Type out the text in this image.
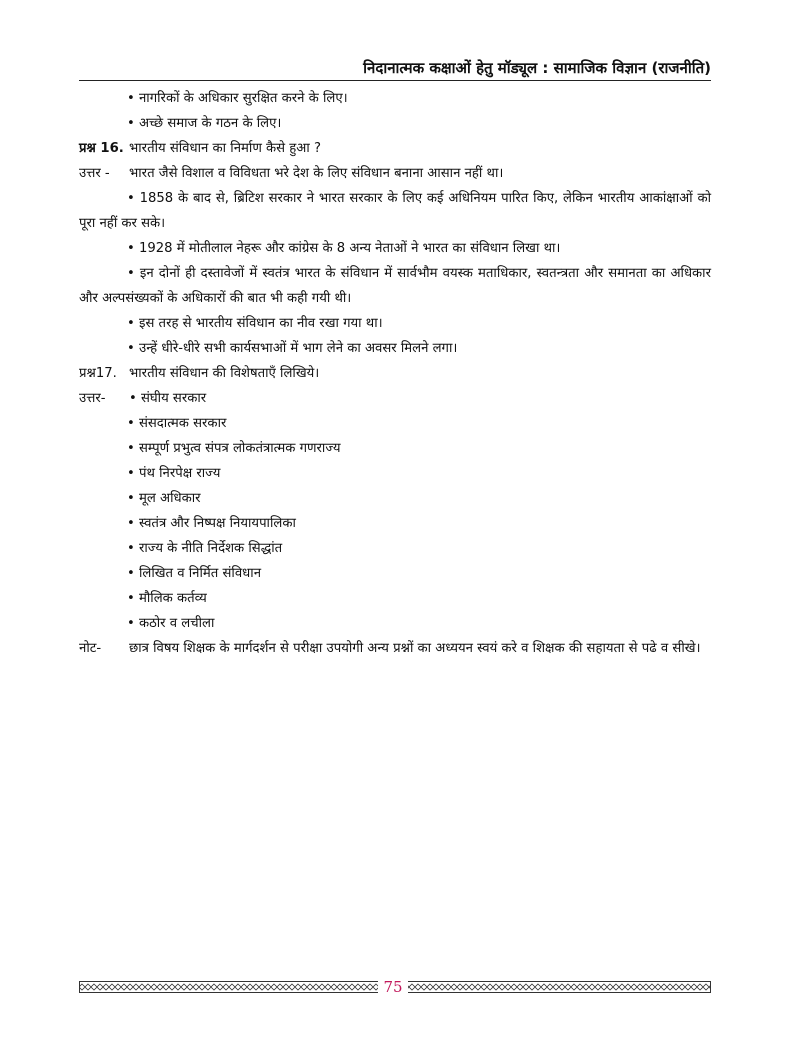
निदानात्मक कक्षाओं हेतु मॉड्यूल : सामाजिक विज्ञान (राजनीति)
• नागरिकों के अधिकार सुरक्षित करने के लिए।
• अच्छे समाज के गठन के लिए।
प्रश्न 16. भारतीय संविधान का निर्माण कैसे हुआ ?
उत्तर - भारत जैसे विशाल व विविधता भरे देश के लिए संविधान बनाना आसान नहीं था।
• 1858 के बाद से, ब्रिटिश सरकार ने भारत सरकार के लिए कई अधिनियम पारित किए, लेकिन भारतीय आकांक्षाओं को पूरा नहीं कर सके।
• 1928 में मोतीलाल नेहरू और कांग्रेस के 8 अन्य नेताओं ने भारत का संविधान लिखा था।
• इन दोनों ही दस्तावेजों में स्वतंत्र भारत के संविधान में सार्वभौम वयस्क मताधिकार, स्वतन्त्रता और समानता का अधिकार और अल्पसंख्यकों के अधिकारों की बात भी कही गयी थी।
• इस तरह से भारतीय संविधान का नीव रखा गया था।
• उन्हें धीरे-धीरे सभी कार्यसभाओं में भाग लेने का अवसर मिलने लगा।
प्रश्न17. भारतीय संविधान की विशेषताएँ लिखिये।
उत्तर- • संघीय सरकार
• संसदात्मक सरकार
• सम्पूर्ण प्रभुत्व संपत्र लोकतंत्रात्मक गणराज्य
• पंथ निरपेक्ष राज्य
• मूल अधिकार
• स्वतंत्र और निष्पक्ष नियायपालिका
• राज्य के नीति निर्देशक सिद्धांत
• लिखित व निर्मित संविधान
• मौलिक कर्तव्य
• कठोर व लचीला
नोट-	छात्र विषय शिक्षक के मार्गदर्शन से परीक्षा उपयोगी अन्य प्रश्नों का अध्ययन स्वयं करे व शिक्षक की सहायता से पढे व सीखे।
75
